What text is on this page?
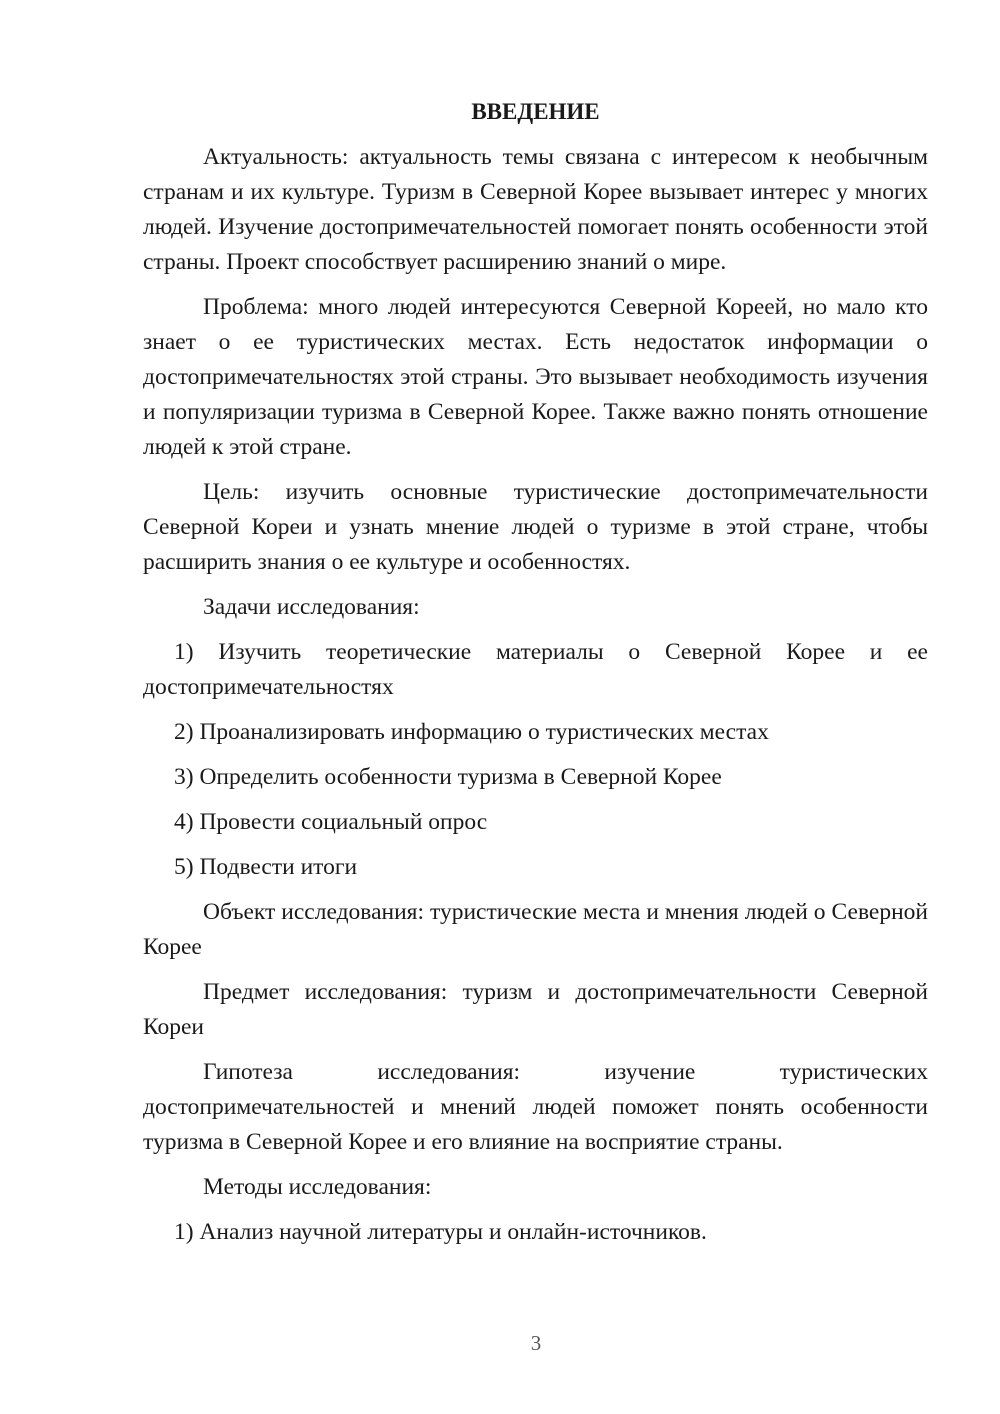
ВВЕДЕНИЕ

Актуальность: актуальность темы связана с интересом к необычным странам и их культуре. Туризм в Северной Корее вызывает интерес у многих людей. Изучение достопримечательностей помогает понять особенности этой страны. Проект способствует расширению знаний о мире.

Проблема: много людей интересуются Северной Кореей, но мало кто знает о ее туристических местах. Есть недостаток информации о достопримечательностях этой страны. Это вызывает необходимость изучения и популяризации туризма в Северной Корее. Также важно понять отношение людей к этой стране.

Цель: изучить основные туристические достопримечательности Северной Кореи и узнать мнение людей о туризме в этой стране, чтобы расширить знания о ее культуре и особенностях.

Задачи исследования:

1) Изучить теоретические материалы о Северной Корее и ее достопримечательностях

2) Проанализировать информацию о туристических местах

3) Определить особенности туризма в Северной Корее

4) Провести социальный опрос

5) Подвести итоги

Объект исследования: туристические места и мнения людей о Северной Корее

Предмет исследования: туризм и достопримечательности Северной Кореи

Гипотеза исследования: изучение туристических достопримечательностей и мнений людей поможет понять особенности туризма в Северной Корее и его влияние на восприятие страны.

Методы исследования:

1) Анализ научной литературы и онлайн-источников.

3
